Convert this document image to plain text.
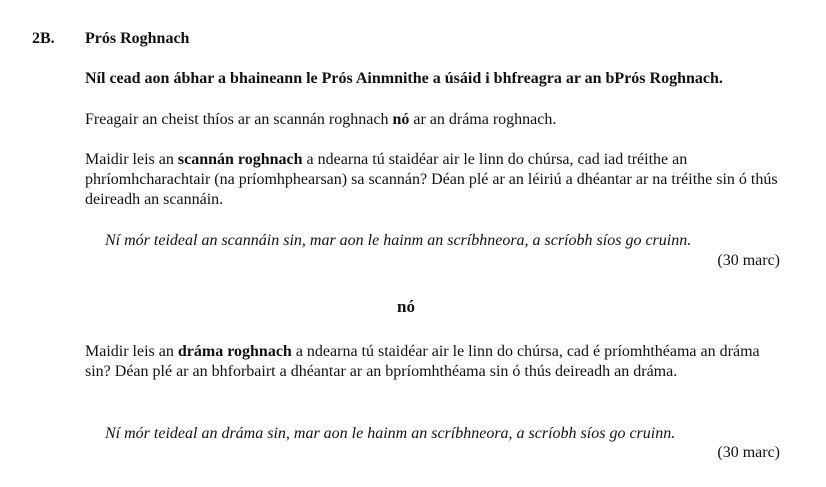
2B. Prós Roghnach
Níl cead aon ábhar a bhaineann le Prós Ainmnithe a úsáid i bhfreagra ar an bPrós Roghnach.

Freagair an cheist thíos ar an scannán roghnach nó ar an dráma roghnach.

Maidir leis an scannán roghnach a ndearna tú staidéar air le linn do chúrsa, cad iad tréithe an phríomhcharachtair (na príomhphearsan) sa scannán? Déan plé ar an léiriú a dhéantar ar na tréithe sin ó thús deireadh an scannáin.

Ní mór teideal an scannáin sin, mar aon le hainm an scríbhneora, a scríobh síos go cruinn.
(30 marc)
nó

Maidir leis an dráma roghnach a ndearna tú staidéar air le linn do chúrsa, cad é príomhthéama an dráma sin? Déan plé ar an bhforbairt a dhéantar ar an bpríomhthéama sin ó thús deireadh an dráma.

Ní mór teideal an dráma sin, mar aon le hainm an scríbhneora, a scríobh síos go cruinn.
(30 marc)
